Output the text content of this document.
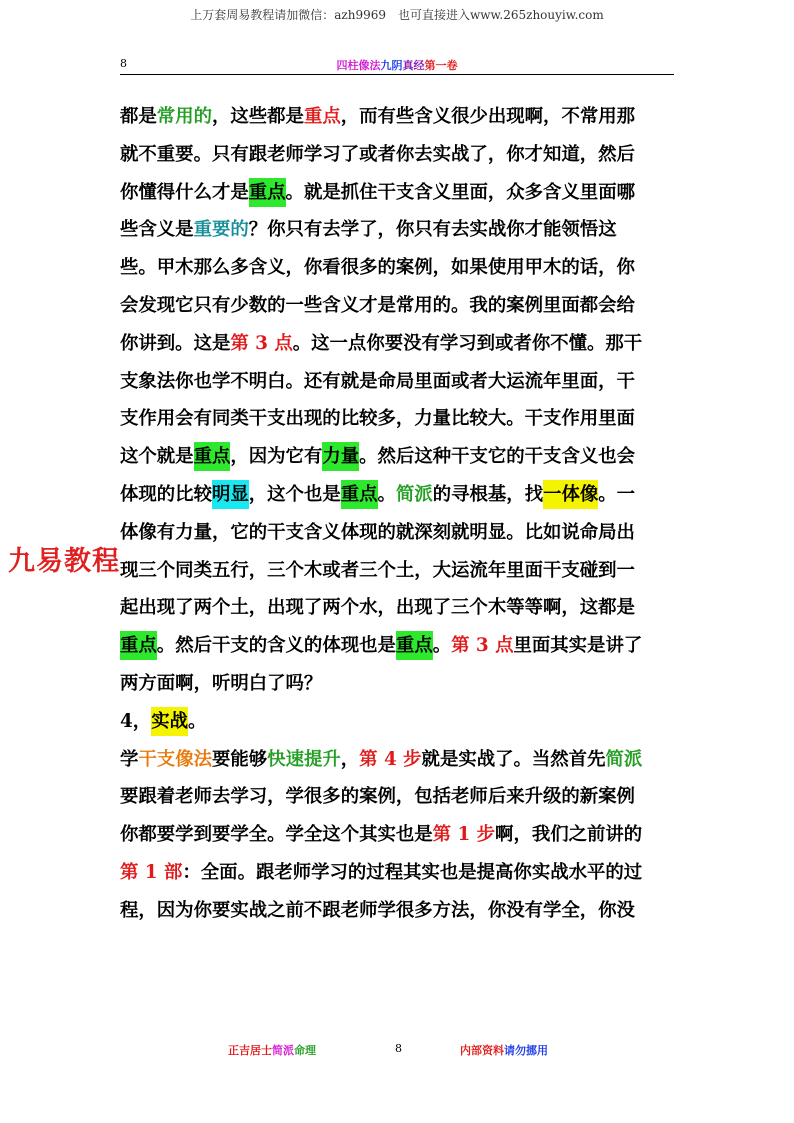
上万套周易教程请加微信：azh9969　也可直接进入www.265zhouyiw.com
8	四柱像法九阴真经第一卷
都是常用的，这些都是重点，而有些含义很少出现啊，不常用那
就不重要。只有跟老师学习了或者你去实战了，你才知道，然后
你懂得什么才是重点。就是抓住干支含义里面，众多含义里面哪
些含义是重要的？你只有去学了，你只有去实战你才能领悟这
些。甲木那么多含义，你看很多的案例，如果使用甲木的话，你
会发现它只有少数的一些含义才是常用的。我的案例里面都会给
你讲到。这是第 3 点。这一点你要没有学习到或者你不懂。那干
支象法你也学不明白。还有就是命局里面或者大运流年里面，干
支作用会有同类干支出现的比较多，力量比较大。干支作用里面
这个就是重点，因为它有力量。然后这种干支它的干支含义也会
体现的比较明显，这个也是重点。简派的寻根基，找一体像。一
体像有力量，它的干支含义体现的就深刻就明显。比如说命局出
现三个同类五行，三个木或者三个土，大运流年里面干支碰到一
起出现了两个土，出现了两个水，出现了三个木等等啊，这都是
重点。然后干支的含义的体现也是重点。第 3 点里面其实是讲了
两方面啊，听明白了吗？
4，实战。
学干支像法要能够快速提升，第 4 步就是实战了。当然首先简派
要跟着老师去学习，学很多的案例，包括老师后来升级的新案例
你都要学到要学全。学全这个其实也是第 1 步啊，我们之前讲的
第 1 部：全面。跟老师学习的过程其实也是提高你实战水平的过
程，因为你要实战之前不跟老师学很多方法，你没有学全，你没
九易教程
正吉居士简派命理	8	内部资料请勿挪用
